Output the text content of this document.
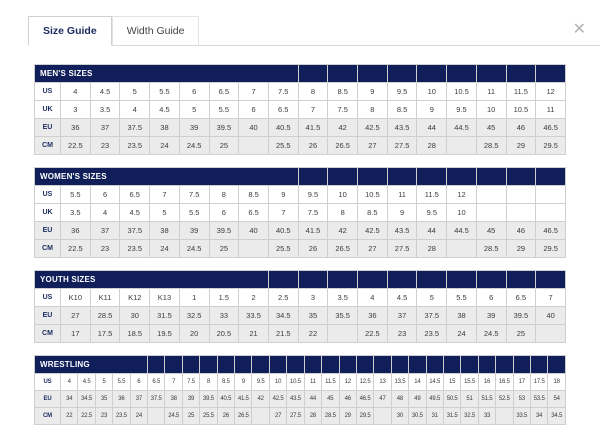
✕
Size Guide	Width Guide
MEN'S SIZES																	
US	4	4.5	5	5.5	6	6.5	7	7.5	8	8.5	9	9.5	10	10.5	11	11.5	12
UK	3	3.5	4	4.5	5	5.5	6	6.5	7	7.5	8	8.5	9	9.5	10	10.5	11
EU	36	37	37.5	38	39	39.5	40	40.5	41.5	42	42.5	43.5	44	44.5	45	46	46.5
CM	22.5	23	23.5	24	24.5	25		25.5	26	26.5	27	27.5	28		28.5	29	29.5
WOMEN'S SIZES																	
US	5.5	6	6.5	7	7.5	8	8.5	9	9.5	10	10.5	11	11.5	12			
UK	3.5	4	4.5	5	5.5	6	6.5	7	7.5	8	8.5	9	9.5	10			
EU	36	37	37.5	38	39	39.5	40	40.5	41.5	42	42.5	43.5	44	44.5	45	46	46.5
CM	22.5	23	23.5	24	24.5	25		25.5	26	26.5	27	27.5	28		28.5	29	29.5
YOUTH SIZES																	
US	K10	K11	K12	K13	1	1.5	2	2.5	3	3.5	4	4.5	5	5.5	6	6.5	7
EU	27	28.5	30	31.5	32.5	33	33.5	34.5	35	35.5	36	37	37.5	38	39	39.5	40
CM	17	17.5	18.5	19.5	20	20.5	21	21.5	22		22.5	23	23.5	24	24.5	25	
WRESTLING																													
US	4	4.5	5	5.5	6	6.5	7	7.5	8	8.5	9	9.5	10	10.5	11	11.5	12	12.5	13	13.5	14	14.5	15	15.5	16	16.5	17	17.5	18
EU	34	34.5	35	36	37	37.5	38	39	39.5	40.5	41.5	42	42.5	43.5	44	45	46	46.5	47	48	49	49.5	50.5	51	51.5	52.5	53	53.5	54
CM	22	22.5	23	23.5	24		24.5	25	25.5	26	26.5		27	27.5	28	28.5	29	29.5		30	30.5	31	31.5	32.5	33		33.5	34	34.5
